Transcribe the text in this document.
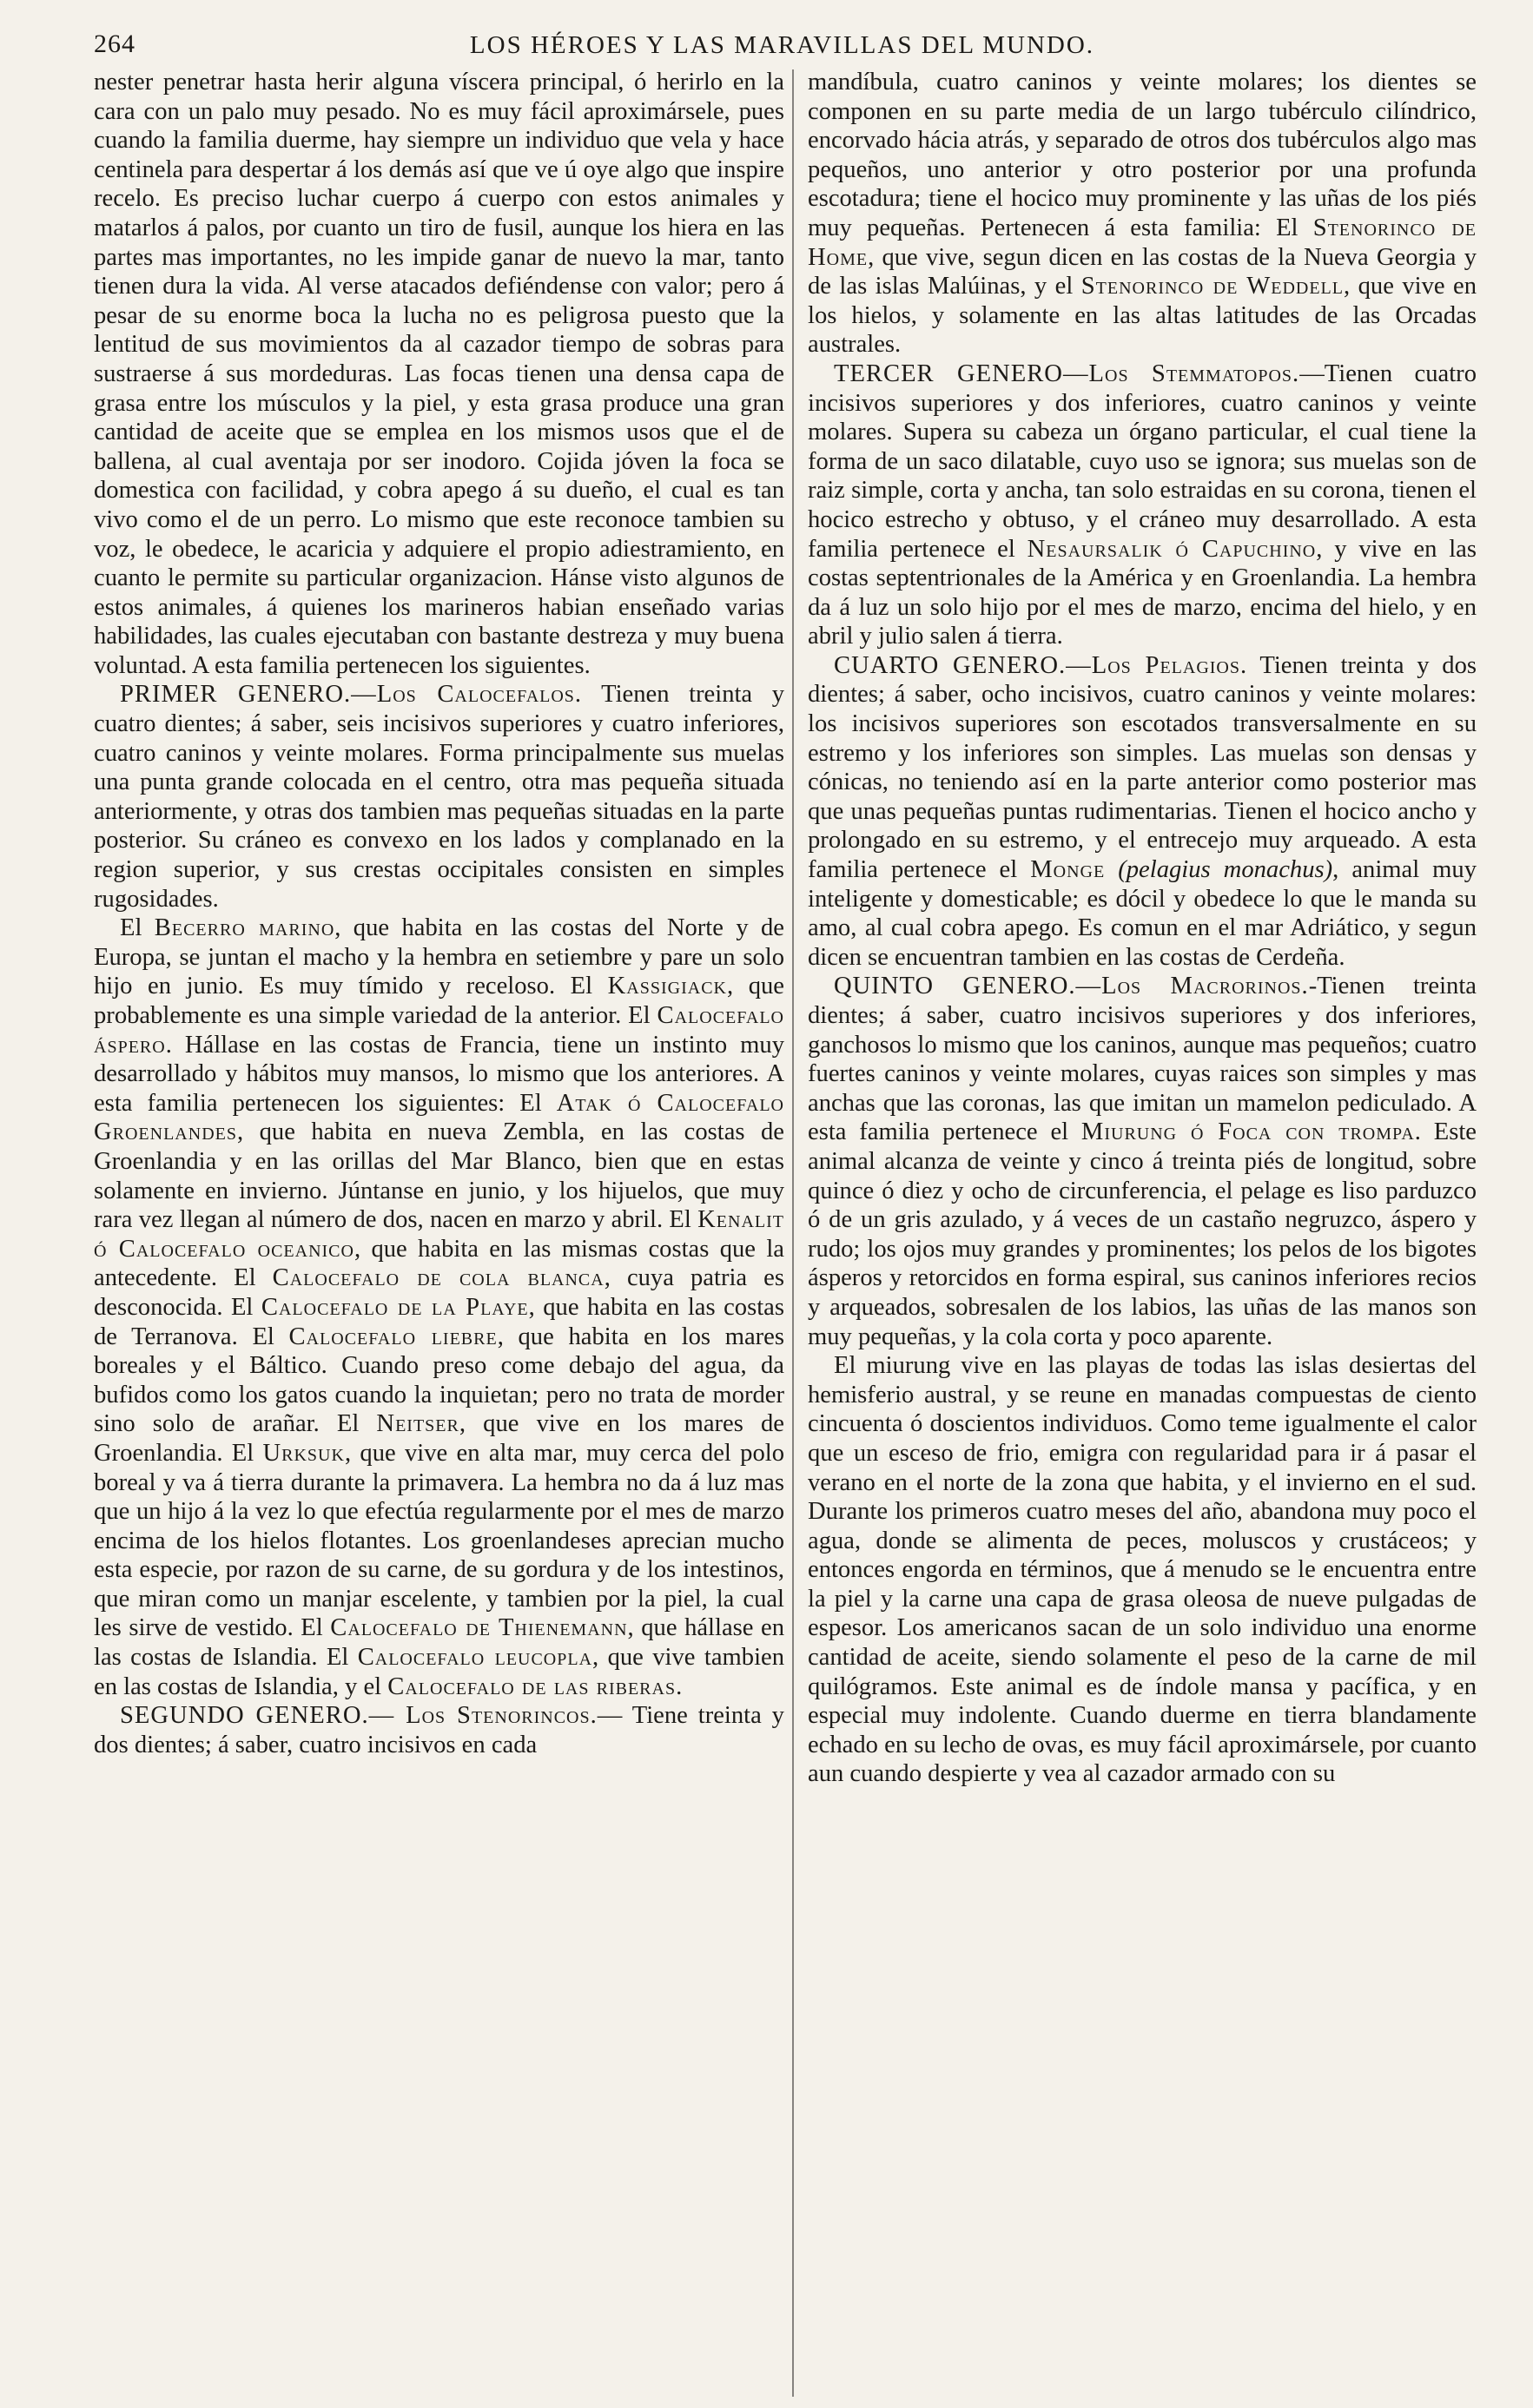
264	LOS HÉROES Y LAS MARAVILLAS DEL MUNDO.

nester penetrar hasta herir alguna víscera principal, ó herirlo en la cara con un palo muy pesado. No es muy fácil aproximársele, pues cuando la familia duerme, hay siempre un individuo que vela y hace centinela para despertar á los demás así que ve ú oye algo que inspire recelo. Es preciso luchar cuerpo á cuerpo con estos animales y matarlos á palos, por cuanto un tiro de fusil, aunque los hiera en las partes mas importantes, no les impide ganar de nuevo la mar, tanto tienen dura la vida. Al verse atacados defiéndense con valor; pero á pesar de su enorme boca la lucha no es peligrosa puesto que la lentitud de sus movimientos da al cazador tiempo de sobras para sustraerse á sus mordeduras. Las focas tienen una densa capa de grasa entre los músculos y la piel, y esta grasa produce una gran cantidad de aceite que se emplea en los mismos usos que el de ballena, al cual aventaja por ser inodoro. Cojida jóven la foca se domestica con facilidad, y cobra apego á su dueño, el cual es tan vivo como el de un perro. Lo mismo que este reconoce tambien su voz, le obedece, le acaricia y adquiere el propio adiestramiento, en cuanto le permite su particular organizacion. Hánse visto algunos de estos animales, á quienes los marineros habian enseñado varias habilidades, las cuales ejecutaban con bastante destreza y muy buena voluntad. A esta familia pertenecen los siguientes.

PRIMER GENERO.—Los Calocefalos. Tienen treinta y cuatro dientes; á saber, seis incisivos superiores y cuatro inferiores, cuatro caninos y veinte molares. Forma principalmente sus muelas una punta grande colocada en el centro, otra mas pequeña situada anteriormente, y otras dos tambien mas pequeñas situadas en la parte posterior. Su cráneo es convexo en los lados y complanado en la region superior, y sus crestas occipitales consisten en simples rugosidades.

El Becerro marino, que habita en las costas del Norte y de Europa, se juntan el macho y la hembra en setiembre y pare un solo hijo en junio. Es muy tímido y receloso. El Kassigiack, que probablemente es una simple variedad de la anterior. El Calocefalo áspero. Hállase en las costas de Francia, tiene un instinto muy desarrollado y hábitos muy mansos, lo mismo que los anteriores. A esta familia pertenecen los siguientes: El Atak ó Calocefalo Groenlandes, que habita en nueva Zembla, en las costas de Groenlandia y en las orillas del Mar Blanco, bien que en estas solamente en invierno. Júntanse en junio, y los hijuelos, que muy rara vez llegan al número de dos, nacen en marzo y abril. El Kenalit ó Calocefalo oceanico, que habita en las mismas costas que la antecedente. El Calocefalo de cola blanca, cuya patria es desconocida. El Calocefalo de la Playe, que habita en las costas de Terranova. El Calocefalo liebre, que habita en los mares boreales y el Báltico. Cuando preso come debajo del agua, da bufidos como los gatos cuando la inquietan; pero no trata de morder sino solo de arañar. El Neitser, que vive en los mares de Groenlandia. El Urksuk, que vive en alta mar, muy cerca del polo boreal y va á tierra durante la primavera. La hembra no da á luz mas que un hijo á la vez lo que efectúa regularmente por el mes de marzo encima de los hielos flotantes. Los groenlandeses aprecian mucho esta especie, por razon de su carne, de su gordura y de los intestinos, que miran como un manjar escelente, y tambien por la piel, la cual les sirve de vestido. El Calocefalo de Thienemann, que hállase en las costas de Islandia. El Calocefalo leucopla, que vive tambien en las costas de Islandia, y el Calocefalo de las riberas.

SEGUNDO GENERO.— Los Stenorincos.— Tiene treinta y dos dientes; á saber, cuatro incisivos en cada

mandíbula, cuatro caninos y veinte molares; los dientes se componen en su parte media de un largo tubérculo cilíndrico, encorvado hácia atrás, y separado de otros dos tubérculos algo mas pequeños, uno anterior y otro posterior por una profunda escotadura; tiene el hocico muy prominente y las uñas de los piés muy pequeñas. Pertenecen á esta familia: El Stenorinco de Home, que vive, segun dicen en las costas de la Nueva Georgia y de las islas Malúinas, y el Stenorinco de Weddell, que vive en los hielos, y solamente en las altas latitudes de las Orcadas australes.

TERCER GENERO—Los Stemmatopos.—Tienen cuatro incisivos superiores y dos inferiores, cuatro caninos y veinte molares. Supera su cabeza un órgano particular, el cual tiene la forma de un saco dilatable, cuyo uso se ignora; sus muelas son de raiz simple, corta y ancha, tan solo estraidas en su corona, tienen el hocico estrecho y obtuso, y el cráneo muy desarrollado. A esta familia pertenece el Nesaursalik ó Capuchino, y vive en las costas septentrionales de la América y en Groenlandia. La hembra da á luz un solo hijo por el mes de marzo, encima del hielo, y en abril y julio salen á tierra.

CUARTO GENERO.—Los Pelagios. Tienen treinta y dos dientes; á saber, ocho incisivos, cuatro caninos y veinte molares: los incisivos superiores son escotados transversalmente en su estremo y los inferiores son simples. Las muelas son densas y cónicas, no teniendo así en la parte anterior como posterior mas que unas pequeñas puntas rudimentarias. Tienen el hocico ancho y prolongado en su estremo, y el entrecejo muy arqueado. A esta familia pertenece el Monge (pelagius monachus), animal muy inteligente y domesticable; es dócil y obedece lo que le manda su amo, al cual cobra apego. Es comun en el mar Adriático, y segun dicen se encuentran tambien en las costas de Cerdeña.

QUINTO GENERO.—Los Macrorinos.-Tienen treinta dientes; á saber, cuatro incisivos superiores y dos inferiores, ganchosos lo mismo que los caninos, aunque mas pequeños; cuatro fuertes caninos y veinte molares, cuyas raices son simples y mas anchas que las coronas, las que imitan un mamelon pediculado. A esta familia pertenece el Miurung ó Foca con trompa. Este animal alcanza de veinte y cinco á treinta piés de longitud, sobre quince ó diez y ocho de circunferencia, el pelage es liso parduzco ó de un gris azulado, y á veces de un castaño negruzco, áspero y rudo; los ojos muy grandes y prominentes; los pelos de los bigotes ásperos y retorcidos en forma espiral, sus caninos inferiores recios y arqueados, sobresalen de los labios, las uñas de las manos son muy pequeñas, y la cola corta y poco aparente.

El miurung vive en las playas de todas las islas desiertas del hemisferio austral, y se reune en manadas compuestas de ciento cincuenta ó doscientos individuos. Como teme igualmente el calor que un esceso de frio, emigra con regularidad para ir á pasar el verano en el norte de la zona que habita, y el invierno en el sud. Durante los primeros cuatro meses del año, abandona muy poco el agua, donde se alimenta de peces, moluscos y crustáceos; y entonces engorda en términos, que á menudo se le encuentra entre la piel y la carne una capa de grasa oleosa de nueve pulgadas de espesor. Los americanos sacan de un solo individuo una enorme cantidad de aceite, siendo solamente el peso de la carne de mil quilógramos. Este animal es de índole mansa y pacífica, y en especial muy indolente. Cuando duerme en tierra blandamente echado en su lecho de ovas, es muy fácil aproximársele, por cuanto aun cuando despierte y vea al cazador armado con su
